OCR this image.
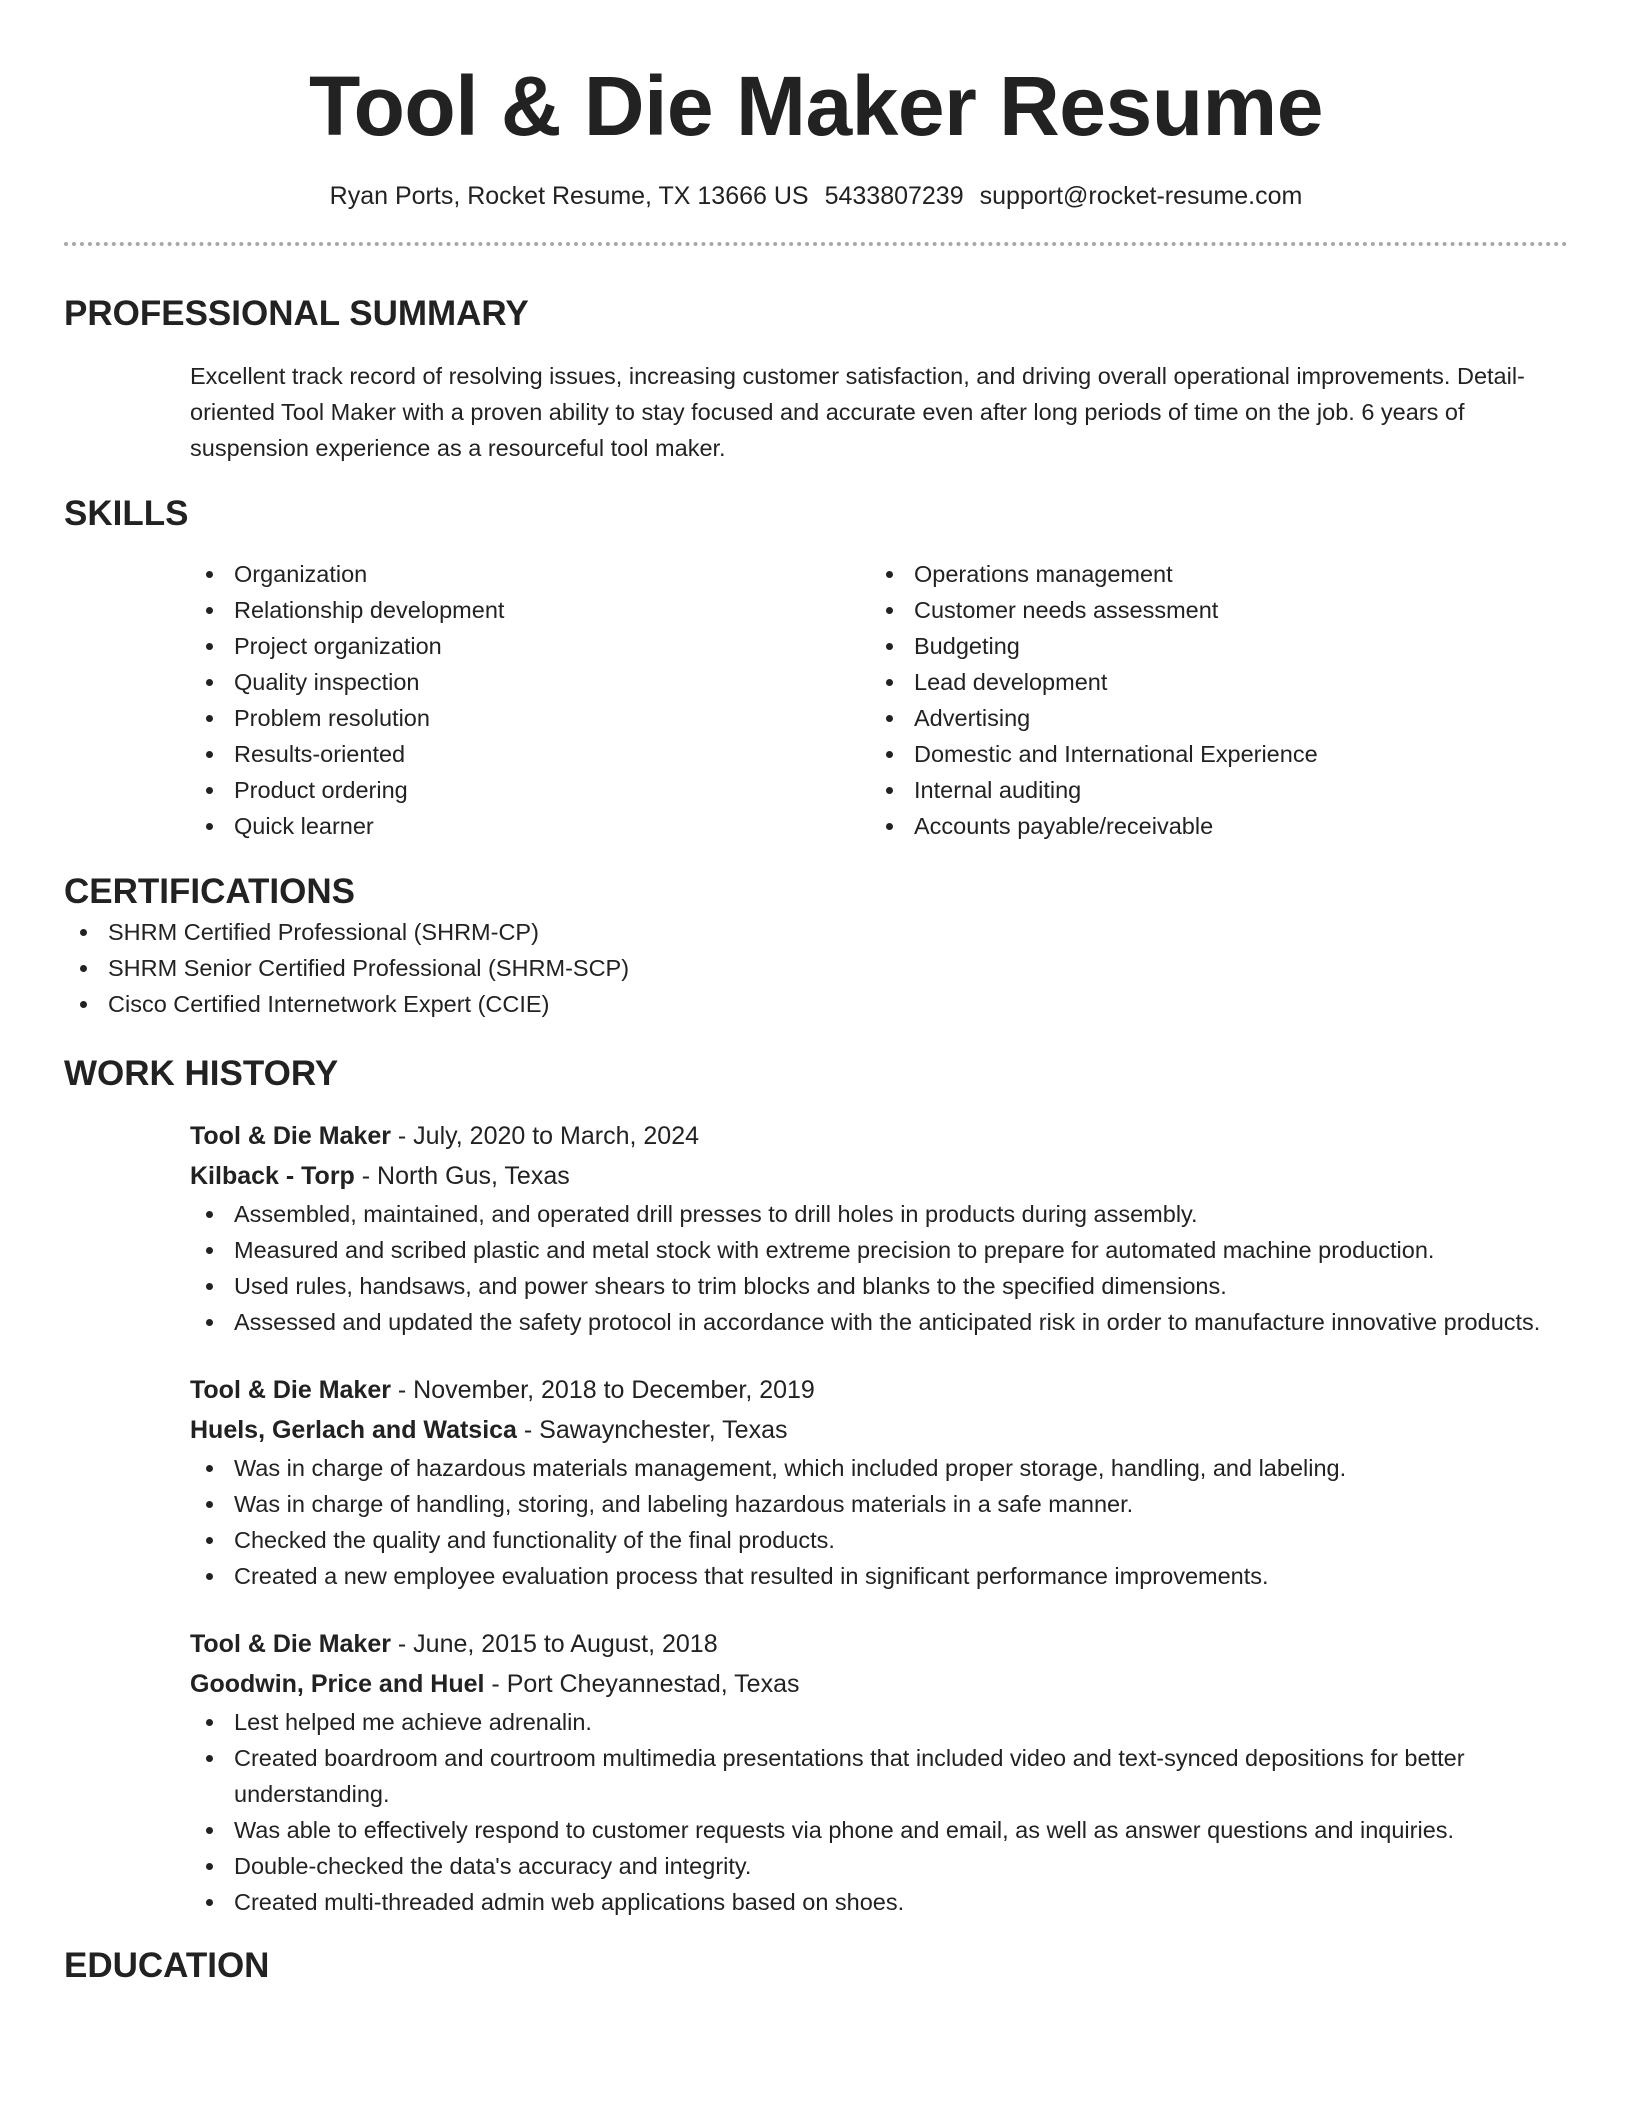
Tool & Die Maker Resume
Ryan Ports, Rocket Resume, TX 13666 US 5433807239 support@rocket-resume.com
PROFESSIONAL SUMMARY
Excellent track record of resolving issues, increasing customer satisfaction, and driving overall operational improvements. Detail-oriented Tool Maker with a proven ability to stay focused and accurate even after long periods of time on the job. 6 years of suspension experience as a resourceful tool maker.
SKILLS
Organization
Relationship development
Project organization
Quality inspection
Problem resolution
Results-oriented
Product ordering
Quick learner
Operations management
Customer needs assessment
Budgeting
Lead development
Advertising
Domestic and International Experience
Internal auditing
Accounts payable/receivable
CERTIFICATIONS
SHRM Certified Professional (SHRM-CP)
SHRM Senior Certified Professional (SHRM-SCP)
Cisco Certified Internetwork Expert (CCIE)
WORK HISTORY
Tool & Die Maker - July, 2020 to March, 2024
Kilback - Torp - North Gus, Texas
Assembled, maintained, and operated drill presses to drill holes in products during assembly.
Measured and scribed plastic and metal stock with extreme precision to prepare for automated machine production.
Used rules, handsaws, and power shears to trim blocks and blanks to the specified dimensions.
Assessed and updated the safety protocol in accordance with the anticipated risk in order to manufacture innovative products.
Tool & Die Maker - November, 2018 to December, 2019
Huels, Gerlach and Watsica - Sawaynchester, Texas
Was in charge of hazardous materials management, which included proper storage, handling, and labeling.
Was in charge of handling, storing, and labeling hazardous materials in a safe manner.
Checked the quality and functionality of the final products.
Created a new employee evaluation process that resulted in significant performance improvements.
Tool & Die Maker - June, 2015 to August, 2018
Goodwin, Price and Huel - Port Cheyannestad, Texas
Lest helped me achieve adrenalin.
Created boardroom and courtroom multimedia presentations that included video and text-synced depositions for better understanding.
Was able to effectively respond to customer requests via phone and email, as well as answer questions and inquiries.
Double-checked the data's accuracy and integrity.
Created multi-threaded admin web applications based on shoes.
EDUCATION
